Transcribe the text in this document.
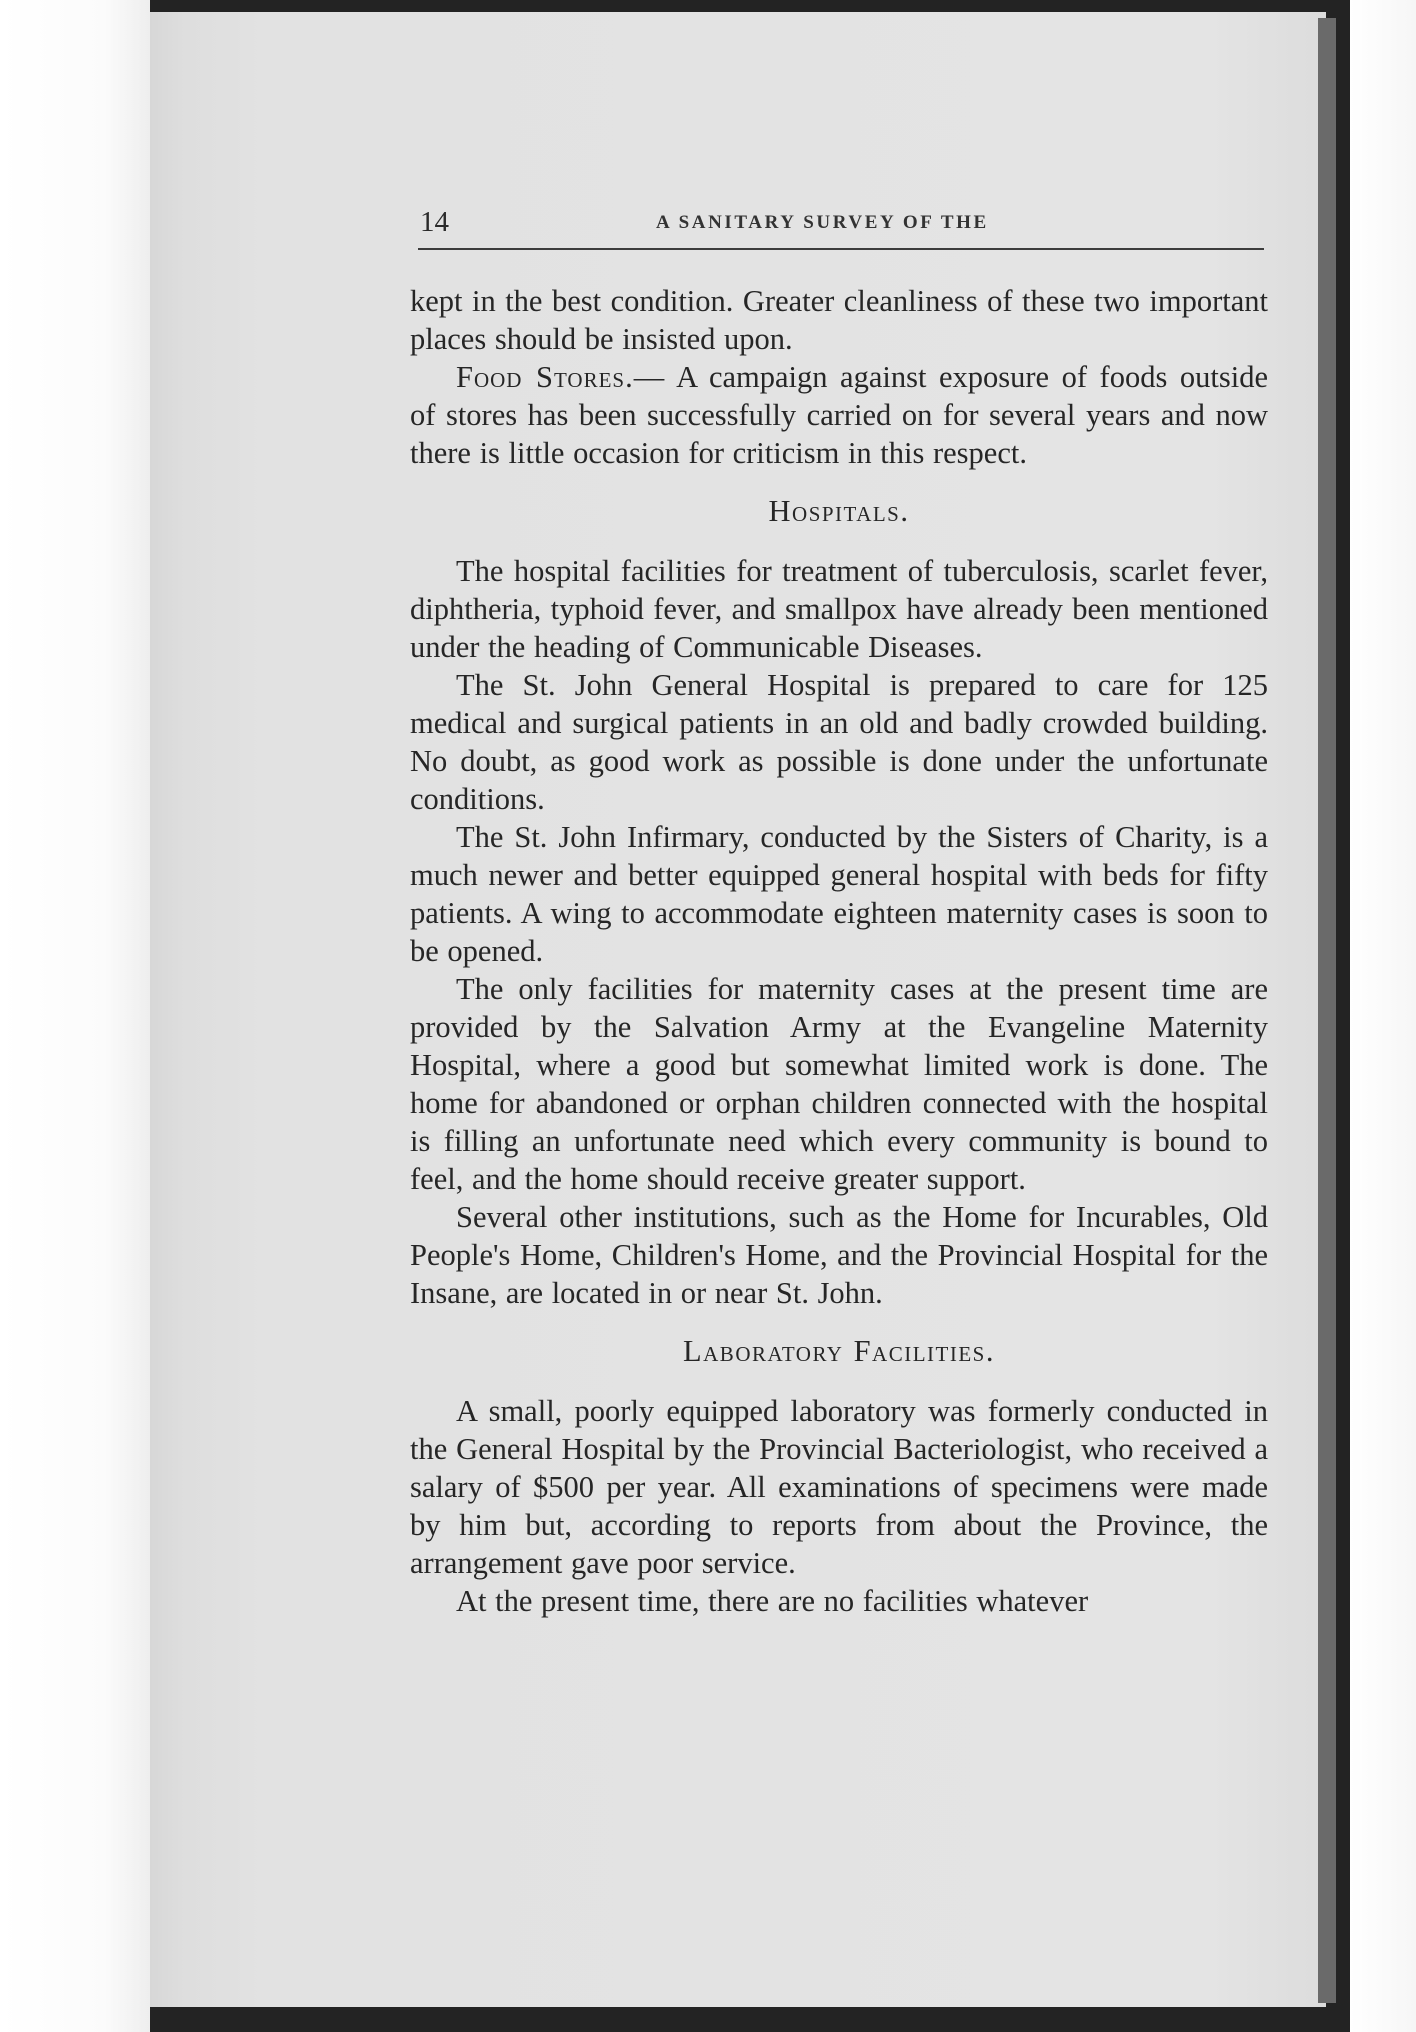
14	A SANITARY SURVEY OF THE

kept in the best condition. Greater cleanliness of these two important places should be insisted upon.

Food Stores.— A campaign against exposure of foods outside of stores has been successfully carried on for several years and now there is little occasion for criticism in this respect.

Hospitals.

The hospital facilities for treatment of tuberculosis, scarlet fever, diphtheria, typhoid fever, and smallpox have already been mentioned under the heading of Communicable Diseases.

The St. John General Hospital is prepared to care for 125 medical and surgical patients in an old and badly crowded building. No doubt, as good work as possible is done under the unfortunate conditions.

The St. John Infirmary, conducted by the Sisters of Charity, is a much newer and better equipped general hospital with beds for fifty patients. A wing to accommodate eighteen maternity cases is soon to be opened.

The only facilities for maternity cases at the present time are provided by the Salvation Army at the Evangeline Maternity Hospital, where a good but somewhat limited work is done. The home for abandoned or orphan children connected with the hospital is filling an unfortunate need which every community is bound to feel, and the home should receive greater support.

Several other institutions, such as the Home for Incurables, Old People's Home, Children's Home, and the Provincial Hospital for the Insane, are located in or near St. John.

Laboratory Facilities.

A small, poorly equipped laboratory was formerly conducted in the General Hospital by the Provincial Bacteriologist, who received a salary of $500 per year. All examinations of specimens were made by him but, according to reports from about the Province, the arrangement gave poor service.

At the present time, there are no facilities whatever
